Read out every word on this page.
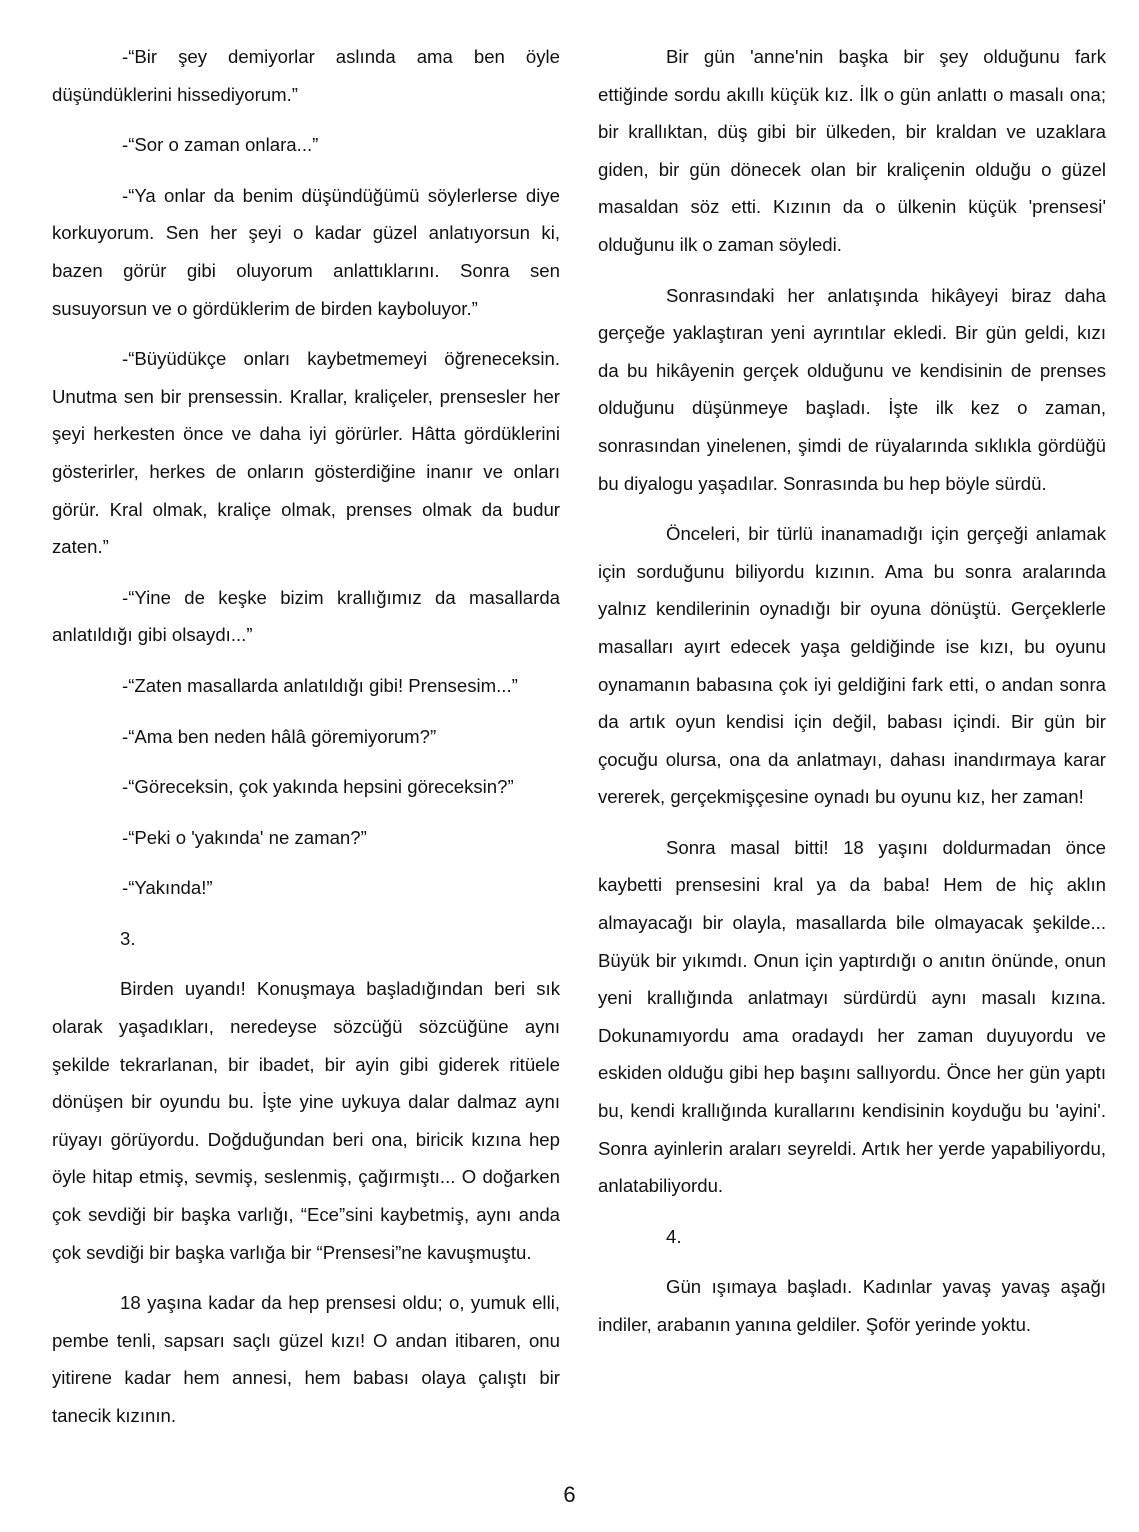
-“Bir şey demiyorlar aslında ama ben öyle düşündüklerini hissediyorum.”

-“Sor o zaman onlara...”

-“Ya onlar da benim düşündüğümü söylerlerse diye korkuyorum. Sen her şeyi o kadar güzel anlatıyorsun ki, bazen görür gibi oluyorum anlattıklarını. Sonra sen susuyorsun ve o gördüklerim de birden kayboluyor.”

-“Büyüdükçe onları kaybetmemeyi öğreneceksin. Unutma sen bir prensessin. Krallar, kraliçeler, prensesler her şeyi herkesten önce ve daha iyi görürler. Hâtta gördüklerini gösterirler, herkes de onların gösterdiğine inanır ve onları görür. Kral olmak, kraliçe olmak, prenses olmak da budur zaten.”

-“Yine de keşke bizim krallığımız da masallarda anlatıldığı gibi olsaydı...”

-“Zaten masallarda anlatıldığı gibi! Prensesim...”

-“Ama ben neden hâlâ göremiyorum?”

-“Göreceksin, çok yakında hepsini göreceksin?”

-“Peki o 'yakında' ne zaman?”

-“Yakında!”

3.

Birden uyandı! Konuşmaya başladığından beri sık olarak yaşadıkları, neredeyse sözcüğü sözcüğüne aynı şekilde tekrarlanan, bir ibadet, bir ayin gibi giderek ritüele dönüşen bir oyundu bu. İşte yine uykuya dalar dalmaz aynı rüyayı görüyordu. Doğduğundan beri ona, biricik kızına hep öyle hitap etmiş, sevmiş, seslenmiş, çağırmıştı... O doğarken çok sevdiği bir başka varlığı, “Ece”sini kaybetmiş, aynı anda çok sevdiği bir başka varlığa bir “Prensesi”ne kavuşmuştu.

18 yaşına kadar da hep prensesi oldu; o, yumuk elli, pembe tenli, sapsarı saçlı güzel kızı! O andan itibaren, onu yitirene kadar hem annesi, hem babası olaya çalıştı bir tanecik kızının.

Bir gün 'anne'nin başka bir şey olduğunu fark ettiğinde sordu akıllı küçük kız. İlk o gün anlattı o masalı ona; bir krallıktan, düş gibi bir ülkeden, bir kraldan ve uzaklara giden, bir gün dönecek olan bir kraliçenin olduğu o güzel masaldan söz etti. Kızının da o ülkenin küçük 'prensesi' olduğunu ilk o zaman söyledi.

Sonrasındaki her anlatışında hikâyeyi biraz daha gerçeğe yaklaştıran yeni ayrıntılar ekledi. Bir gün geldi, kızı da bu hikâyenin gerçek olduğunu ve kendisinin de prenses olduğunu düşünmeye başladı. İşte ilk kez o zaman, sonrasından yinelenen, şimdi de rüyalarında sıklıkla gördüğü bu diyalogu yaşadılar. Sonrasında bu hep böyle sürdü.

Önceleri, bir türlü inanamadığı için gerçeği anlamak için sorduğunu biliyordu kızının. Ama bu sonra aralarında yalnız kendilerinin oynadığı bir oyuna dönüştü. Gerçeklerle masalları ayırt edecek yaşa geldiğinde ise kızı, bu oyunu oynamanın babasına çok iyi geldiğini fark etti, o andan sonra da artık oyun kendisi için değil, babası içindi. Bir gün bir çocuğu olursa, ona da anlatmayı, dahası inandırmaya karar vererek, gerçekmişçesine oynadı bu oyunu kız, her zaman!

Sonra masal bitti! 18 yaşını doldurmadan önce kaybetti prensesini kral ya da baba! Hem de hiç aklın almayacağı bir olayla, masallarda bile olmayacak şekilde... Büyük bir yıkımdı. Onun için yaptırdığı o anıtın önünde, onun yeni krallığında anlatmayı sürdürdü aynı masalı kızına. Dokunamıyordu ama oradaydı her zaman duyuyordu ve eskiden olduğu gibi hep başını sallıyordu. Önce her gün yaptı bu, kendi krallığında kurallarını kendisinin koyduğu bu 'ayini'. Sonra ayinlerin araları seyreldi. Artık her yerde yapabiliyordu, anlatabiliyordu.

4.

Gün ışımaya başladı. Kadınlar yavaş yavaş aşağı indiler, arabanın yanına geldiler. Şoför yerinde yoktu.

6
